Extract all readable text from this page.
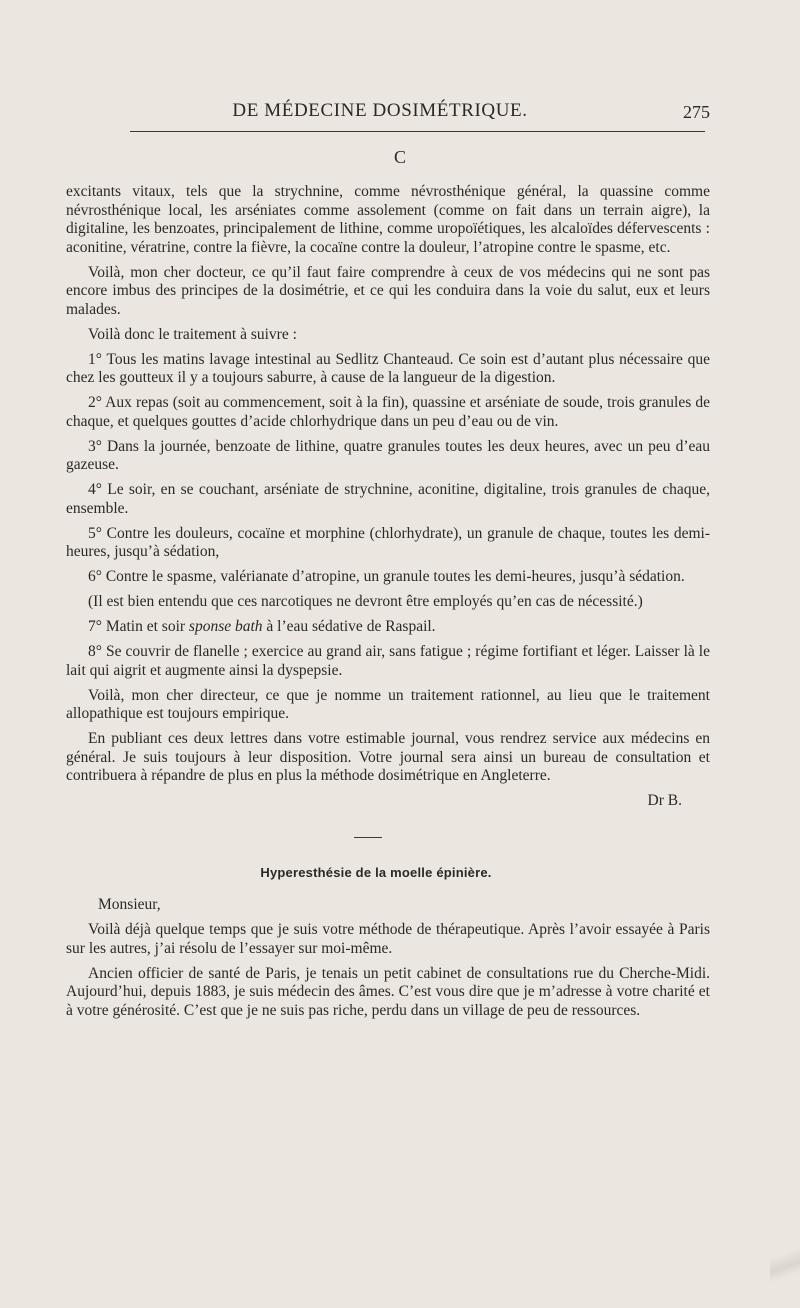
DE MÉDECINE DOSIMÉTRIQUE.	275
C

excitants vitaux, tels que la strychnine, comme névrosthénique général, la quassine comme névrosthénique local, les arséniates comme assolement (comme on fait dans un terrain aigre), la digitaline, les benzoates, principalement de lithine, comme uropoïétiques, les alcaloïdes défervescents : aconitine, vératrine, contre la fièvre, la cocaïne contre la douleur, l’atropine contre le spasme, etc.

Voilà, mon cher docteur, ce qu’il faut faire comprendre à ceux de vos médecins qui ne sont pas encore imbus des principes de la dosimétrie, et ce qui les conduira dans la voie du salut, eux et leurs malades.

Voilà donc le traitement à suivre :

1° Tous les matins lavage intestinal au Sedlitz Chanteaud. Ce soin est d’autant plus nécessaire que chez les goutteux il y a toujours saburre, à cause de la langueur de la digestion.

2° Aux repas (soit au commencement, soit à la fin), quassine et arséniate de soude, trois granules de chaque, et quelques gouttes d’acide chlorhydrique dans un peu d’eau ou de vin.

3° Dans la journée, benzoate de lithine, quatre granules toutes les deux heures, avec un peu d’eau gazeuse.

4° Le soir, en se couchant, arséniate de strychnine, aconitine, digitaline, trois granules de chaque, ensemble.

5° Contre les douleurs, cocaïne et morphine (chlorhydrate), un granule de chaque, toutes les demi-heures, jusqu’à sédation,

6° Contre le spasme, valérianate d’atropine, un granule toutes les demi-heures, jusqu’à sédation.

(Il est bien entendu que ces narcotiques ne devront être employés qu’en cas de nécessité.)

7° Matin et soir sponse bath à l’eau sédative de Raspail.

8° Se couvrir de flanelle ; exercice au grand air, sans fatigue ; régime fortifiant et léger. Laisser là le lait qui aigrit et augmente ainsi la dyspepsie.

Voilà, mon cher directeur, ce que je nomme un traitement rationnel, au lieu que le traitement allopathique est toujours empirique.

En publiant ces deux lettres dans votre estimable journal, vous rendrez service aux médecins en général. Je suis toujours à leur disposition. Votre journal sera ainsi un bureau de consultation et contribuera à répandre de plus en plus la méthode dosimétrique en Angleterre.

Dr B.

Hyperesthésie de la moelle épinière.

Monsieur,

Voilà déjà quelque temps que je suis votre méthode de thérapeutique. Après l’avoir essayée à Paris sur les autres, j’ai résolu de l’essayer sur moi-même.

Ancien officier de santé de Paris, je tenais un petit cabinet de consultations rue du Cherche-Midi. Aujourd’hui, depuis 1883, je suis médecin des âmes. C’est vous dire que je m’adresse à votre charité et à votre générosité. C’est que je ne suis pas riche, perdu dans un village de peu de ressources.
